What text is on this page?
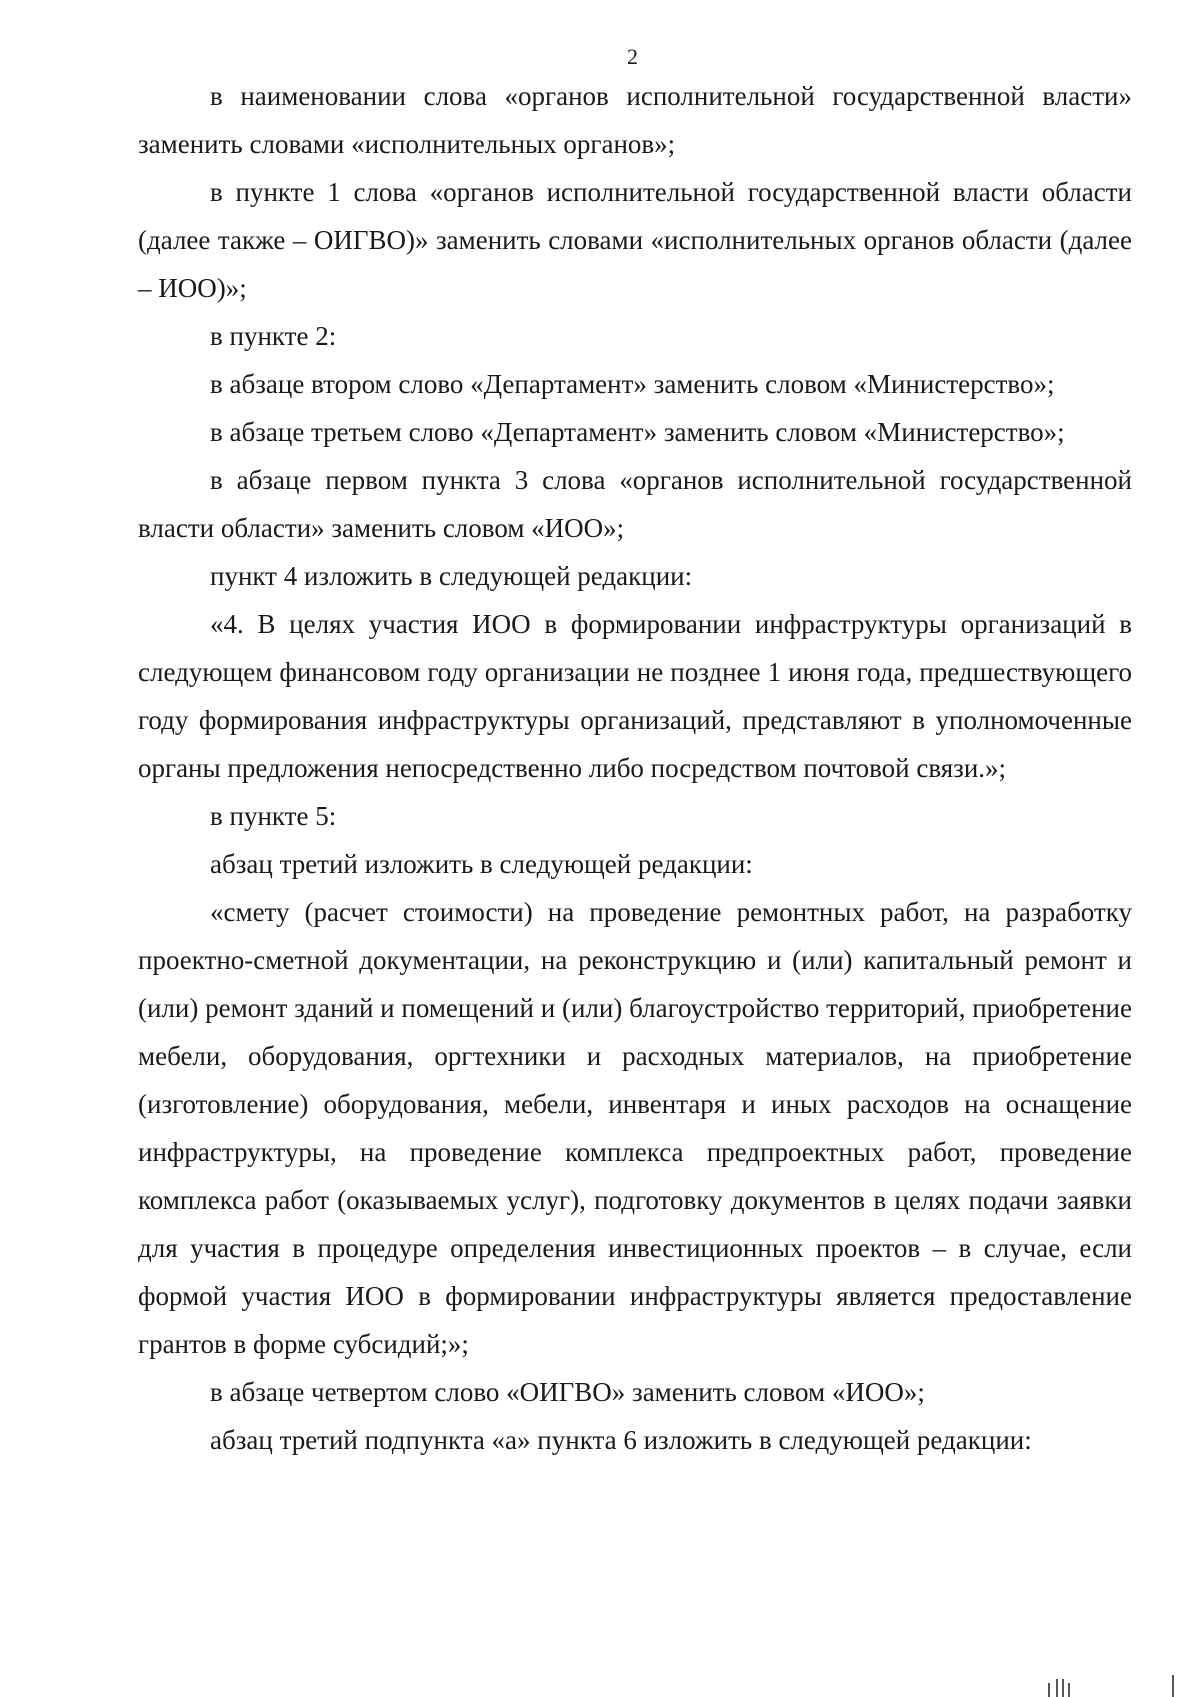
2

в наименовании слова «органов исполнительной государственной власти» заменить словами «исполнительных органов»;

в пункте 1 слова «органов исполнительной государственной власти области (далее также – ОИГВО)» заменить словами «исполнительных органов области (далее – ИОО)»;

в пункте 2:

в абзаце втором слово «Департамент» заменить словом «Министерство»;

в абзаце третьем слово «Департамент» заменить словом «Министерство»;

в абзаце первом пункта 3 слова «органов исполнительной государственной власти области» заменить словом «ИОО»;

пункт 4 изложить в следующей редакции:

«4. В целях участия ИОО в формировании инфраструктуры организаций в следующем финансовом году организации не позднее 1 июня года, предшествующего году формирования инфраструктуры организаций, представляют в уполномоченные органы предложения непосредственно либо посредством почтовой связи.»;

в пункте 5:

абзац третий изложить в следующей редакции:

«смету (расчет стоимости) на проведение ремонтных работ, на разработку проектно-сметной документации, на реконструкцию и (или) капитальный ремонт и (или) ремонт зданий и помещений и (или) благоустройство территорий, приобретение мебели, оборудования, оргтехники и расходных материалов, на приобретение (изготовление) оборудования, мебели, инвентаря и иных расходов на оснащение инфраструктуры, на проведение комплекса предпроектных работ, проведение комплекса работ (оказываемых услуг), подготовку документов в целях подачи заявки для участия в процедуре определения инвестиционных проектов – в случае, если формой участия ИОО в формировании инфраструктуры является предоставление грантов в форме субсидий;»;

в абзаце четвертом слово «ОИГВО» заменить словом «ИОО»;

абзац третий подпункта «а» пункта 6 изложить в следующей редакции:
